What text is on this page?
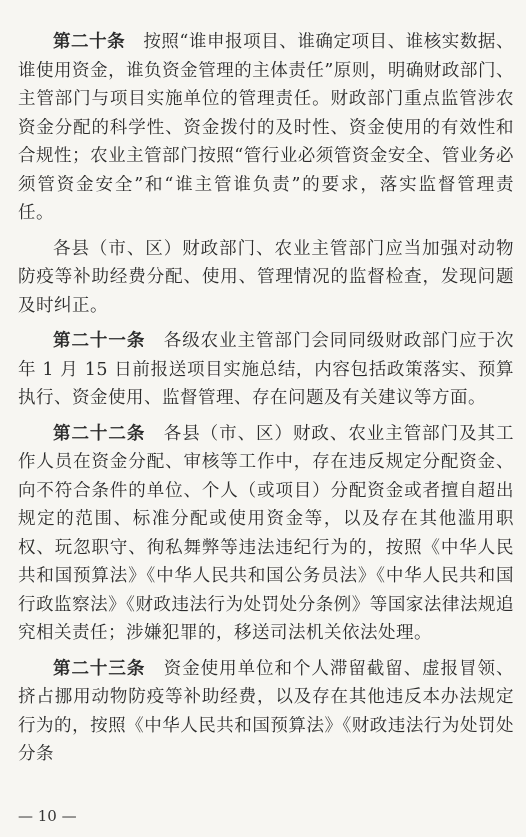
第二十条　 按照“谁申报项目、谁确定项目、谁核实数据、谁使用资金，谁负资金管理的主体责任”原则，明确财政部门、主管部门与项目实施单位的管理责任。财政部门重点监管涉农资金分配的科学性、资金拨付的及时性、资金使用的有效性和合规性；农业主管部门按照“管行业必须管资金安全、管业务必须管资金安全”和“谁主管谁负责”的要求，落实监督管理责任。

各县（市、区）财政部门、农业主管部门应当加强对动物防疫等补助经费分配、使用、管理情况的监督检查，发现问题及时纠正。

第二十一条　 各级农业主管部门会同同级财政部门应于次年 1 月 15 日前报送项目实施总结，内容包括政策落实、预算执行、资金使用、监督管理、存在问题及有关建议等方面。

第二十二条　 各县（市、区）财政、农业主管部门及其工作人员在资金分配、审核等工作中，存在违反规定分配资金、向不符合条件的单位、个人（或项目）分配资金或者擅自超出规定的范围、标准分配或使用资金等，以及存在其他滥用职权、玩忽职守、徇私舞弊等违法违纪行为的，按照《中华人民共和国预算法》《中华人民共和国公务员法》《中华人民共和国行政监察法》《财政违法行为处罚处分条例》等国家法律法规追究相关责任；涉嫌犯罪的，移送司法机关依法处理。

第二十三条　 资金使用单位和个人滞留截留、虚报冒领、挤占挪用动物防疫等补助经费，以及存在其他违反本办法规定行为的，按照《中华人民共和国预算法》《财政违法行为处罚处分条

— 10 —
